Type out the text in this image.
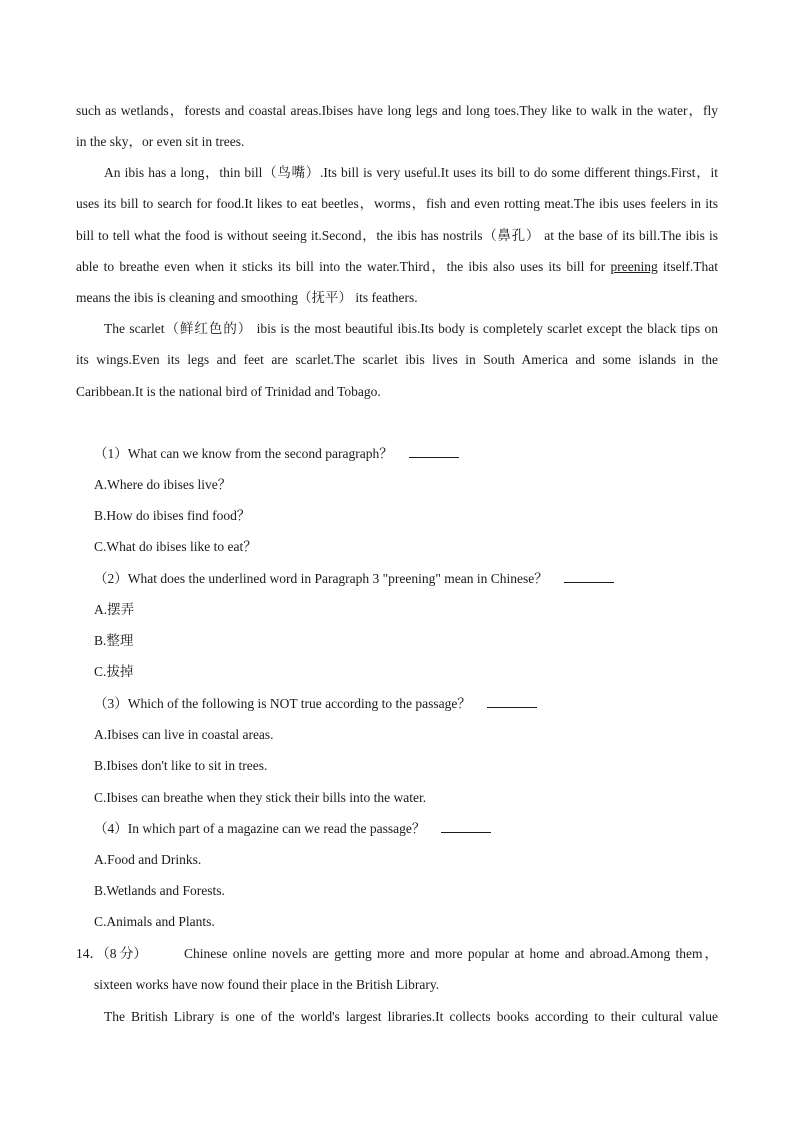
such as wetlands，forests and coastal areas.Ibises have long legs and long toes.They like to walk in the water，fly
in the sky，or even sit in trees.
An ibis has a long，thin bill（鸟嘴）.Its bill is very useful.It uses its bill to do some different things.First，it
uses its bill to search for food.It likes to eat beetles，worms，fish and even rotting meat.The ibis uses feelers in its
bill to tell what the food is without seeing it.Second，the ibis has nostrils（鼻孔） at the base of its bill.The ibis is
able to breathe even when it sticks its bill into the water.Third，the ibis also uses its bill for preening itself.That
means the ibis is cleaning and smoothing（抚平） its feathers.
The scarlet（鲜红色的） ibis is the most beautiful ibis.Its body is completely scarlet except the black tips on
its wings.Even its legs and feet are scarlet.The scarlet ibis lives in South America and some islands in the
Caribbean.It is the national bird of Trinidad and Tobago.
（1）What can we know from the second paragraph？
A.Where do ibises live？
B.How do ibises find food？
C.What do ibises like to eat？
（2）What does the underlined word in Paragraph 3 "preening" mean in Chinese？
A.摆弄
B.整理
C.拔掉
（3）Which of the following is NOT true according to the passage？
A.Ibises can live in coastal areas.
B.Ibises don't like to sit in trees.
C.Ibises can breathe when they stick their bills into the water.
（4）In which part of a magazine can we read the passage？
A.Food and Drinks.
B.Wetlands and Forests.
C.Animals and Plants.
14．（8 分）	Chinese online novels are getting more and more popular at home and abroad.Among them，
sixteen works have now found their place in the British Library.
The British Library is one of the world's largest libraries.It collects books according to their cultural value
